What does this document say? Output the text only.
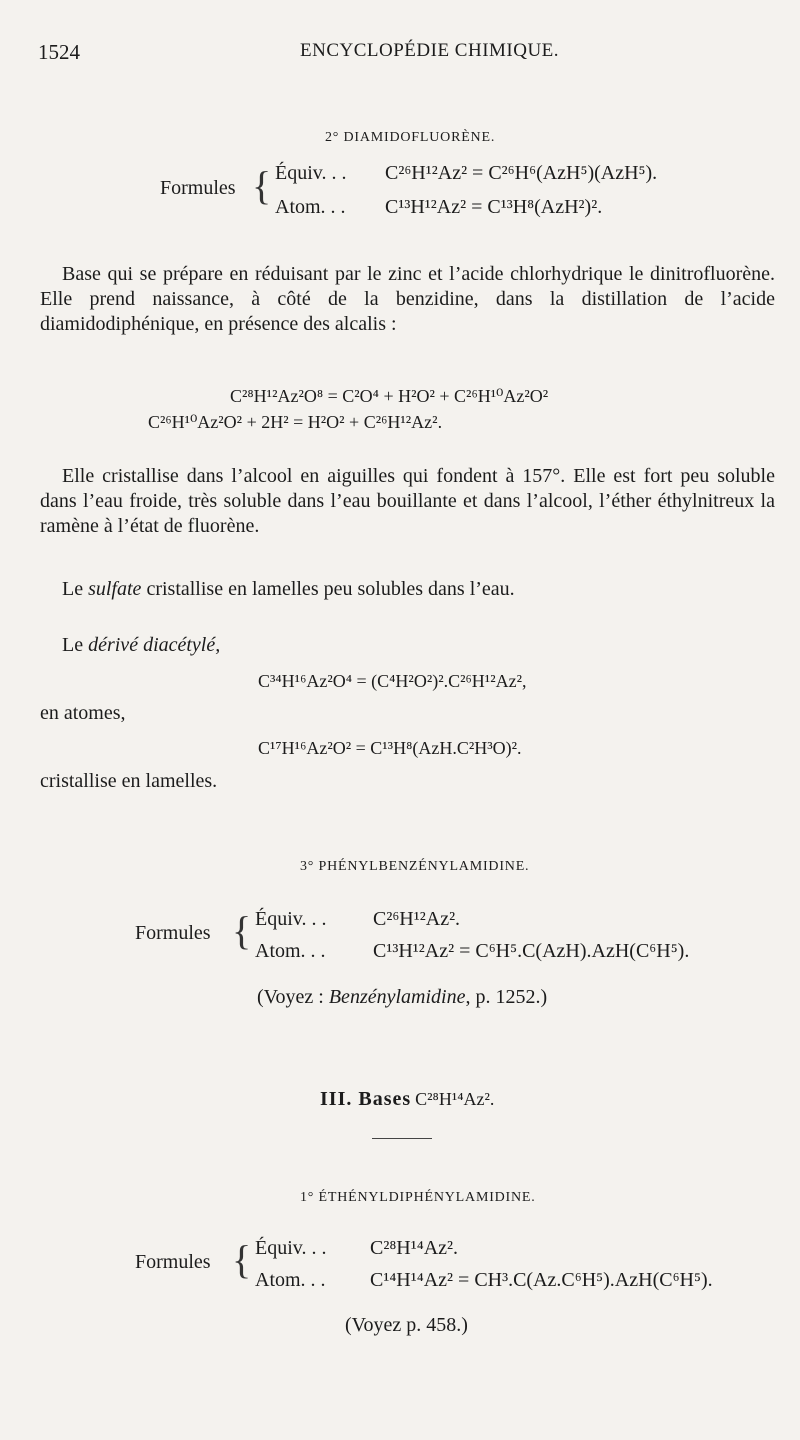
1524	ENCYCLOPÉDIE CHIMIQUE.
2° DIAMIDOFLUORÈNE.
Formules { Équiv. . . C²⁶H¹²Az² = C²⁶H⁶(AzH⁵)(AzH⁵).
Atom. . . C¹³H¹²Az² = C¹³H⁸(AzH²)².

Base qui se prépare en réduisant par le zinc et l’acide chlorhydrique le dinitrofluorène. Elle prend naissance, à côté de la benzidine, dans la distillation de l’acide diamidodiphénique, en présence des alcalis :

C²⁸H¹²Az²O⁸ = C²O⁴ + H²O² + C²⁶H¹⁰Az²O²
C²⁶H¹⁰Az²O² + 2H² = H²O² + C²⁶H¹²Az².

Elle cristallise dans l’alcool en aiguilles qui fondent à 157°. Elle est fort peu soluble dans l’eau froide, très soluble dans l’eau bouillante et dans l’alcool, l’éther éthylnitreux la ramène à l’état de fluorène.

Le sulfate cristallise en lamelles peu solubles dans l’eau.
Le dérivé diacétylé,
C³⁴H¹⁶Az²O⁴ = (C⁴H²O²)².C²⁶H¹²Az²,
en atomes,
C¹⁷H¹⁶Az²O² = C¹³H⁸(AzH.C²H³O)².
cristallise en lamelles.
3° PHÉNYLBENZÉNYLAMIDINE.
Formules { Équiv. . . C²⁶H¹²Az².
Atom. . . C¹³H¹²Az² = C⁶H⁵.C(AzH).AzH(C⁶H⁵).
(Voyez : Benzénylamidine, p. 1252.)
III. Bases C²⁸H¹⁴Az².
1° ÉTHÉNYLDIPHÉNYLAMIDINE.
Formules { Équiv. . . C²⁸H¹⁴Az².
Atom. . . C¹⁴H¹⁴Az² = CH³.C(Az.C⁶H⁵).AzH(C⁶H⁵).
(Voyez p. 458.)
